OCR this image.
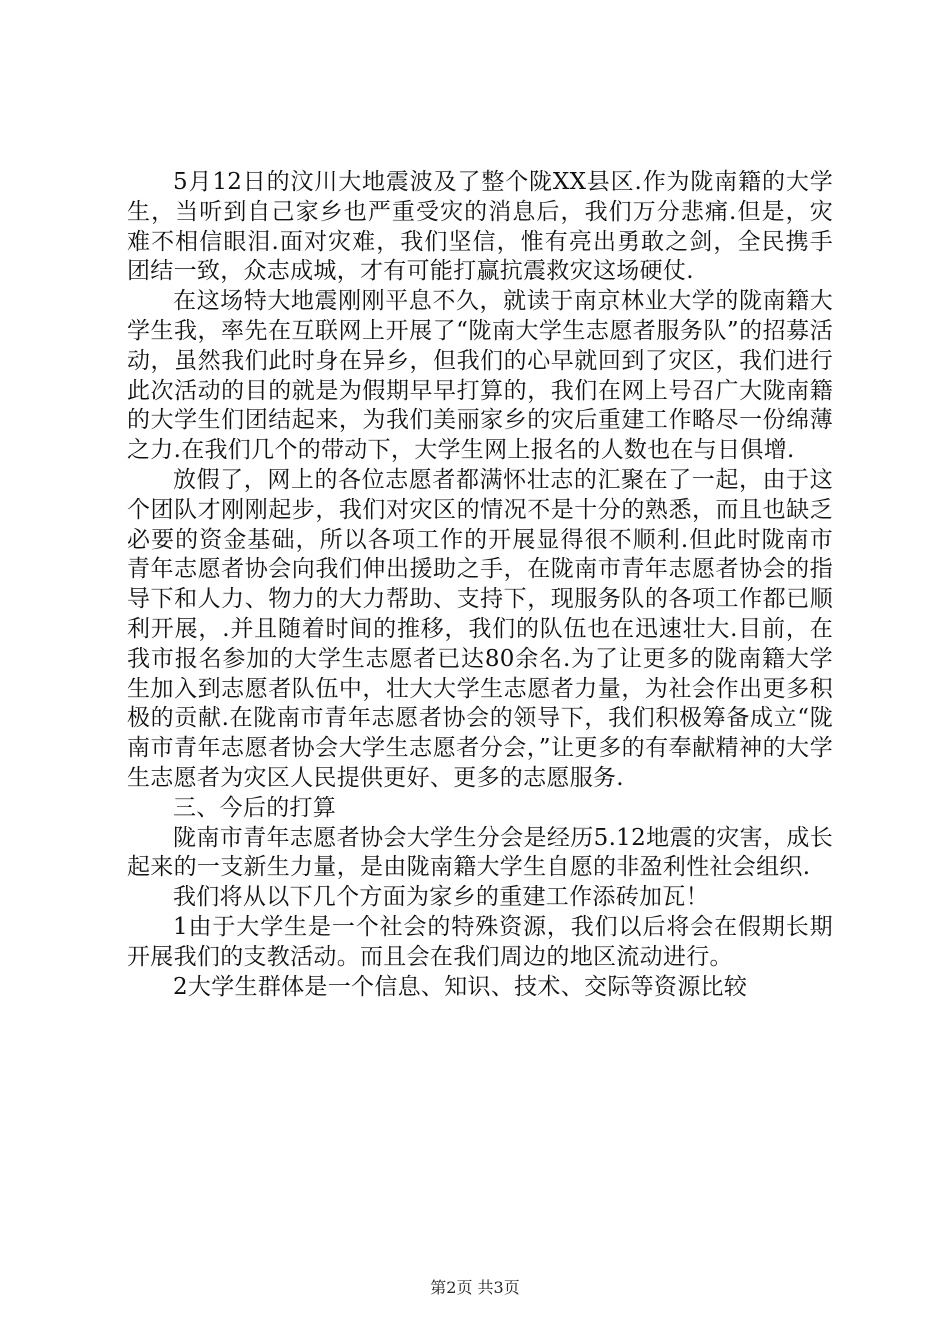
5月12日的汶川大地震波及了整个陇XX县区.作为陇南籍的大学生，当听到自己家乡也严重受灾的消息后，我们万分悲痛.但是，灾难不相信眼泪.面对灾难，我们坚信，惟有亮出勇敢之剑，全民携手团结一致，众志成城，才有可能打赢抗震救灾这场硬仗.

在这场特大地震刚刚平息不久，就读于南京林业大学的陇南籍大学生我，率先在互联网上开展了“陇南大学生志愿者服务队”的招募活动，虽然我们此时身在异乡，但我们的心早就回到了灾区，我们进行此次活动的目的就是为假期早早打算的，我们在网上号召广大陇南籍的大学生们团结起来，为我们美丽家乡的灾后重建工作略尽一份绵薄之力.在我们几个的带动下，大学生网上报名的人数也在与日俱增.

放假了，网上的各位志愿者都满怀壮志的汇聚在了一起，由于这个团队才刚刚起步，我们对灾区的情况不是十分的熟悉，而且也缺乏必要的资金基础，所以各项工作的开展显得很不顺利.但此时陇南市青年志愿者协会向我们伸出援助之手，在陇南市青年志愿者协会的指导下和人力、物力的大力帮助、支持下，现服务队的各项工作都已顺利开展，.并且随着时间的推移，我们的队伍也在迅速壮大.目前，在我市报名参加的大学生志愿者已达80余名.为了让更多的陇南籍大学生加入到志愿者队伍中，壮大大学生志愿者力量，为社会作出更多积极的贡献.在陇南市青年志愿者协会的领导下，我们积极筹备成立“陇南市青年志愿者协会大学生志愿者分会，”让更多的有奉献精神的大学生志愿者为灾区人民提供更好、更多的志愿服务.

三、今后的打算

陇南市青年志愿者协会大学生分会是经历5.12地震的灾害，成长起来的一支新生力量，是由陇南籍大学生自愿的非盈利性社会组织.

我们将从以下几个方面为家乡的重建工作添砖加瓦！

1由于大学生是一个社会的特殊资源，我们以后将会在假期长期开展我们的支教活动。而且会在我们周边的地区流动进行。

2大学生群体是一个信息、知识、技术、交际等资源比较

第2页 共3页
